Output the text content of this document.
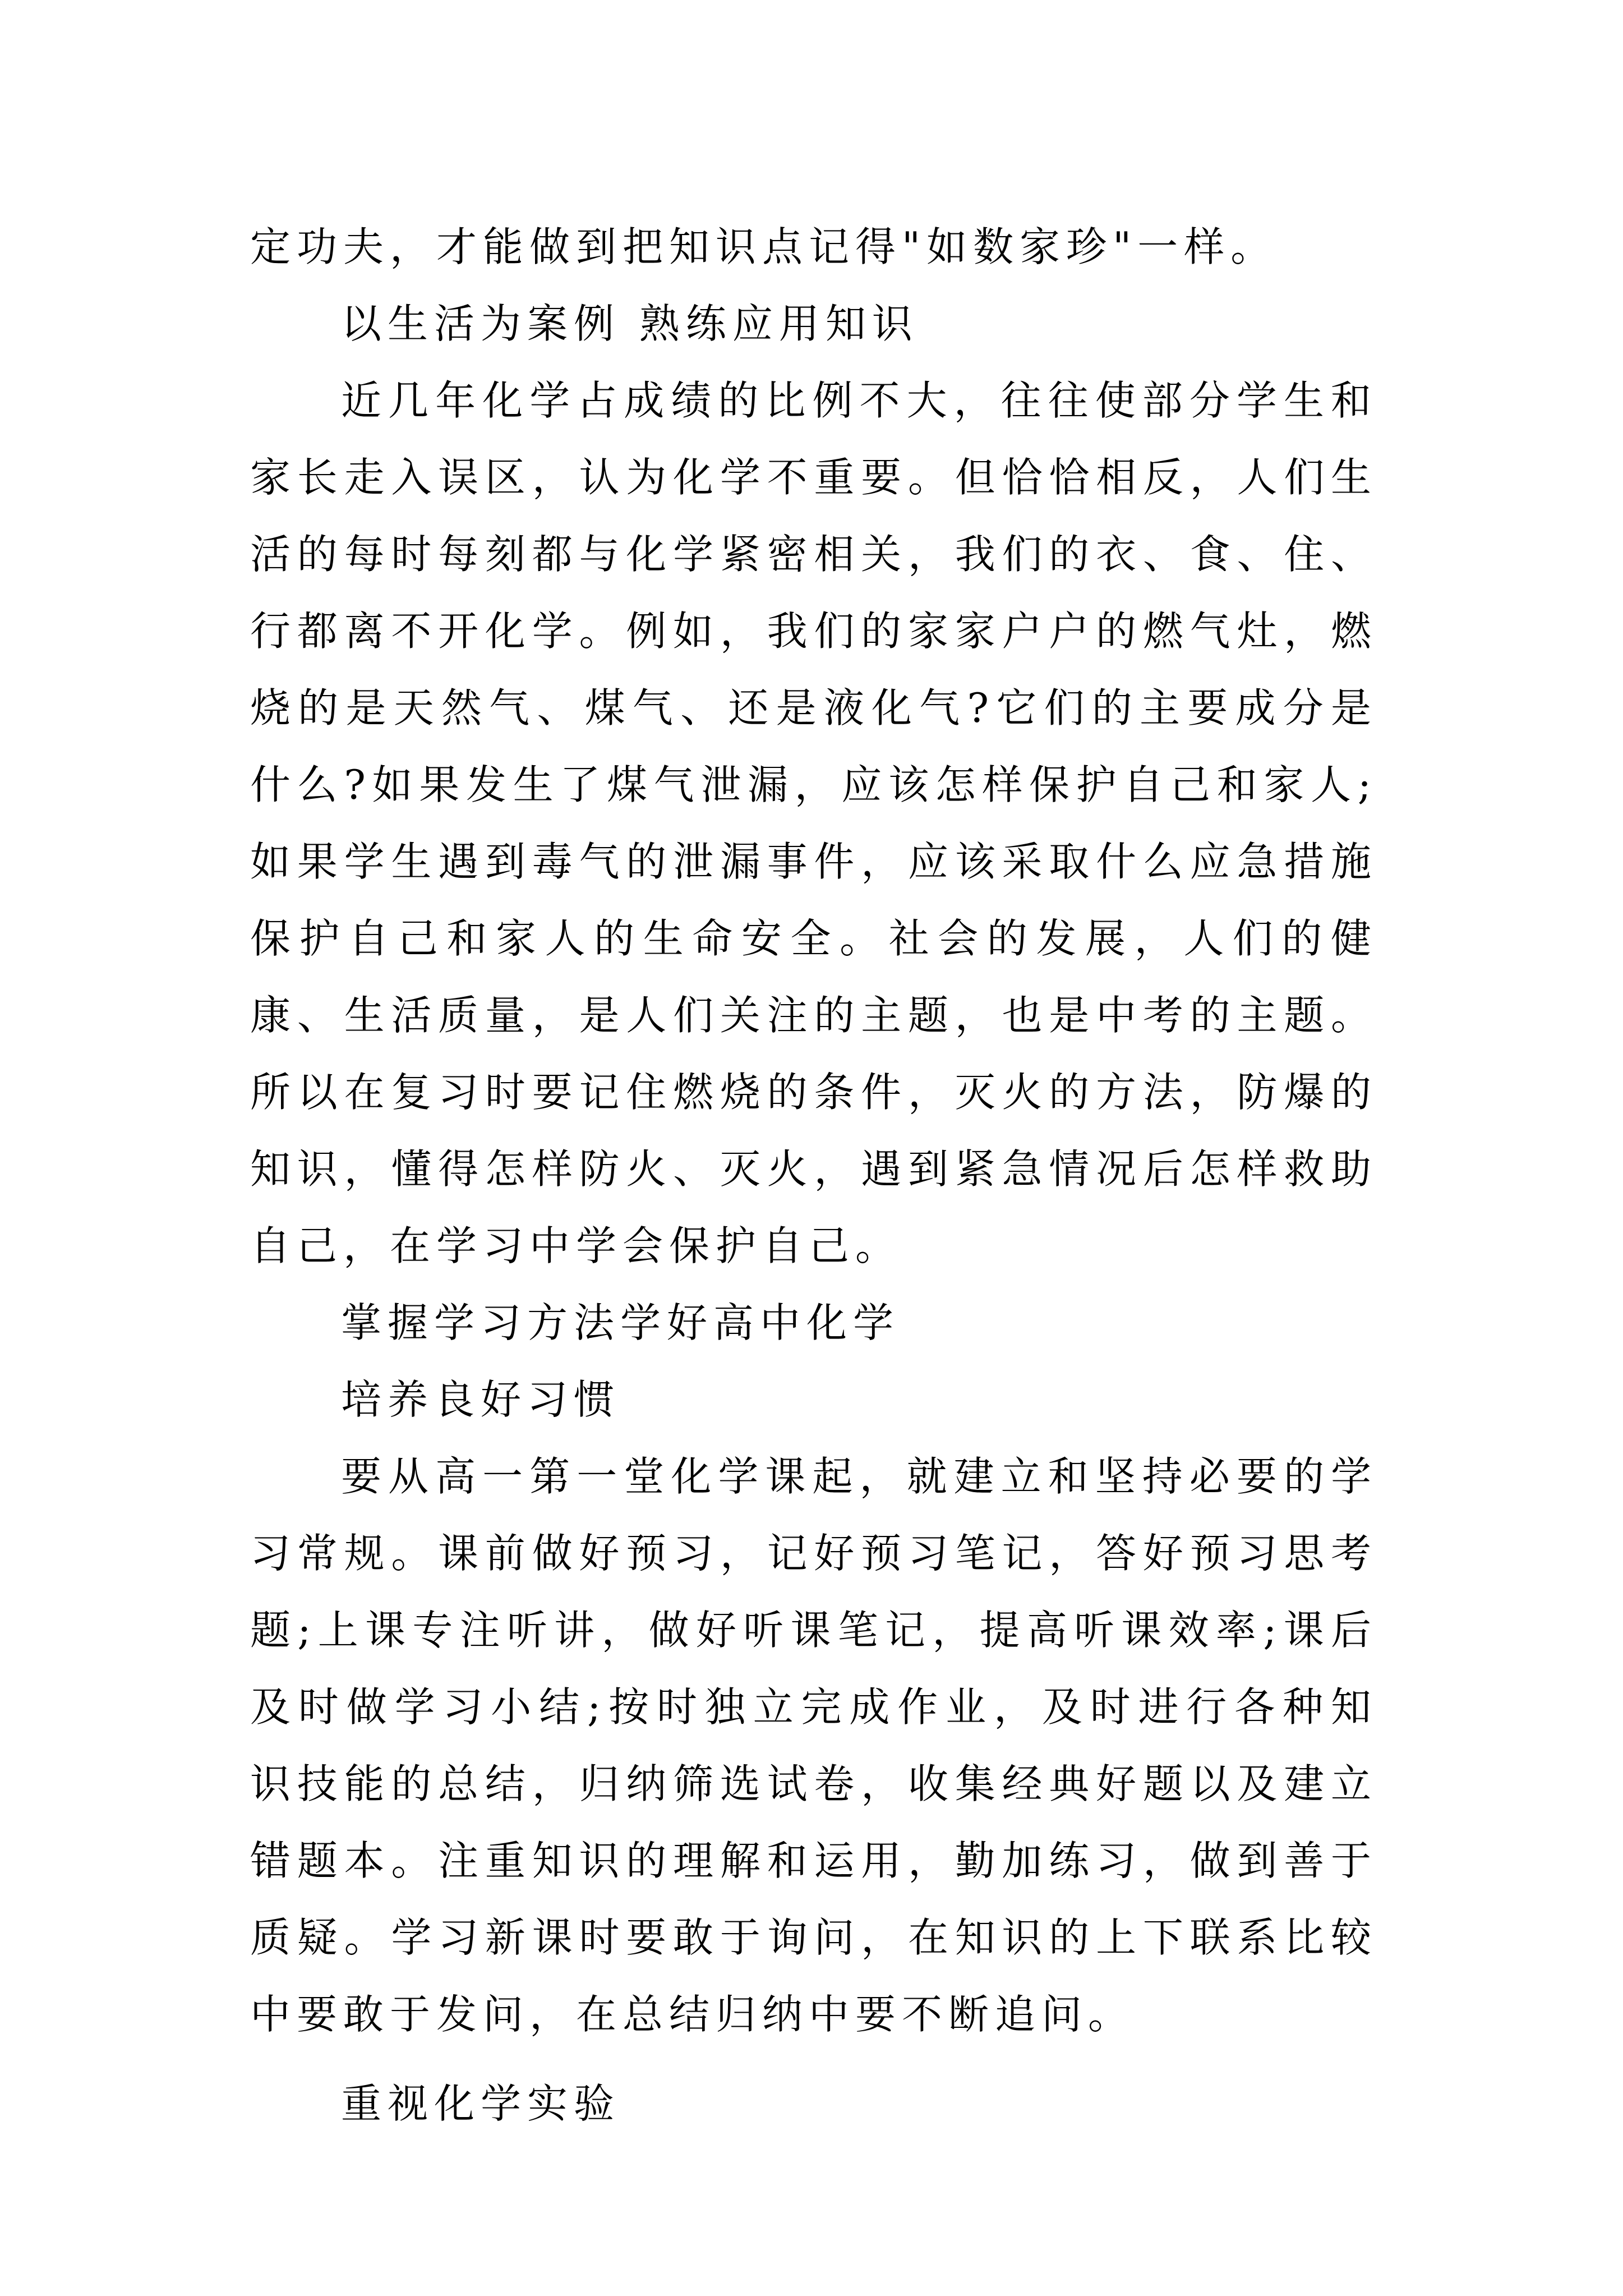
定功夫，才能做到把知识点记得"如数家珍"一样。

以生活为案例 熟练应用知识

近几年化学占成绩的比例不大，往往使部分学生和家长走入误区，认为化学不重要。但恰恰相反，人们生活的每时每刻都与化学紧密相关，我们的衣、食、住、行都离不开化学。例如，我们的家家户户的燃气灶，燃烧的是天然气、煤气、还是液化气?它们的主要成分是什么?如果发生了煤气泄漏，应该怎样保护自己和家人;如果学生遇到毒气的泄漏事件，应该采取什么应急措施保护自己和家人的生命安全。社会的发展，人们的健康、生活质量，是人们关注的主题，也是中考的主题。所以在复习时要记住燃烧的条件，灭火的方法，防爆的知识，懂得怎样防火、灭火，遇到紧急情况后怎样救助自己，在学习中学会保护自己。

掌握学习方法学好高中化学

培养良好习惯

要从高一第一堂化学课起，就建立和坚持必要的学习常规。课前做好预习，记好预习笔记，答好预习思考题;上课专注听讲，做好听课笔记，提高听课效率;课后及时做学习小结;按时独立完成作业，及时进行各种知识技能的总结，归纳筛选试卷，收集经典好题以及建立错题本。注重知识的理解和运用，勤加练习，做到善于质疑。学习新课时要敢于询问，在知识的上下联系比较中要敢于发问，在总结归纳中要不断追问。

重视化学实验
